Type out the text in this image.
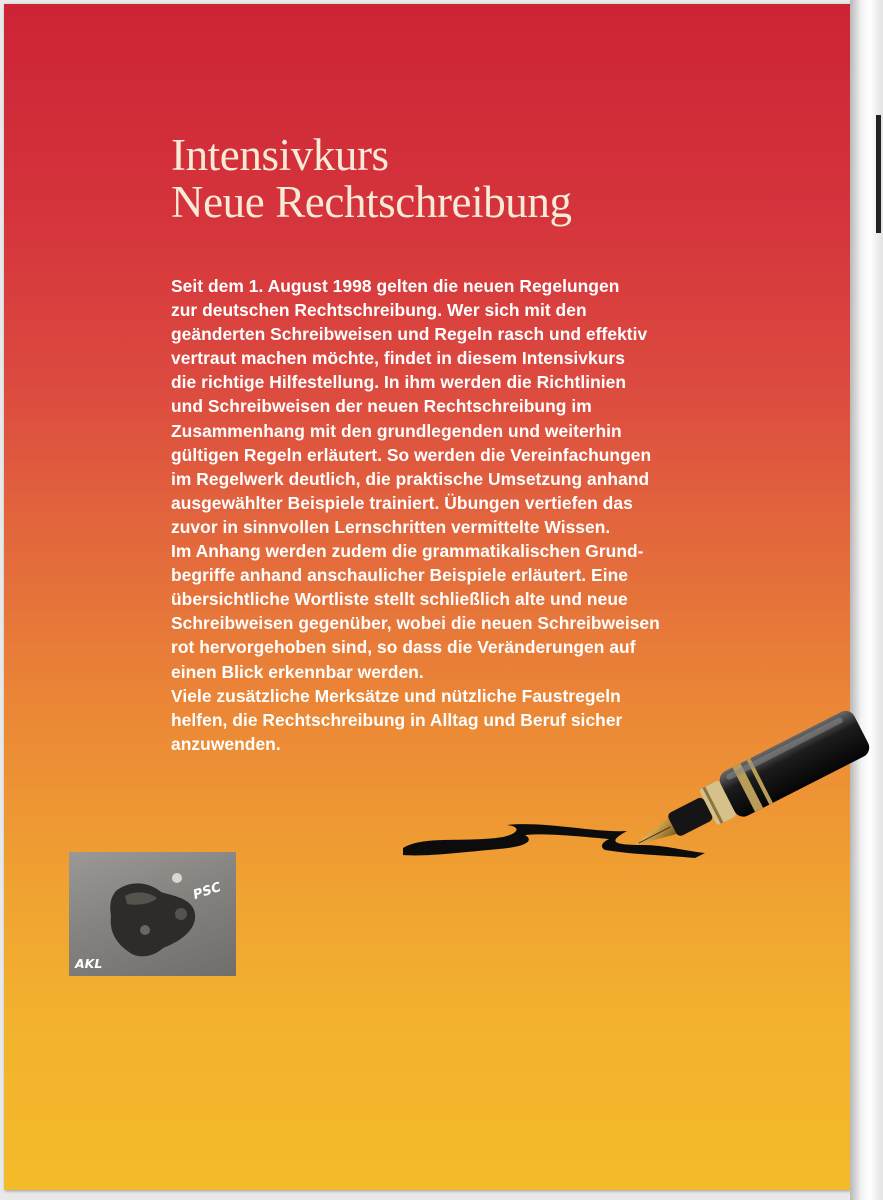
Intensivkurs
Neue Rechtschreibung

Seit dem 1. August 1998 gelten die neuen Regelungen
zur deutschen Rechtschreibung. Wer sich mit den
geänderten Schreibweisen und Regeln rasch und effektiv
vertraut machen möchte, findet in diesem Intensivkurs
die richtige Hilfestellung. In ihm werden die Richtlinien
und Schreibweisen der neuen Rechtschreibung im
Zusammenhang mit den grundlegenden und weiterhin
gültigen Regeln erläutert. So werden die Vereinfachungen
im Regelwerk deutlich, die praktische Umsetzung anhand
ausgewählter Beispiele trainiert. Übungen vertiefen das
zuvor in sinnvollen Lernschritten vermittelte Wissen.
Im Anhang werden zudem die grammatikalischen Grund-
begriffe anhand anschaulicher Beispiele erläutert. Eine
übersichtliche Wortliste stellt schließlich alte und neue
Schreibweisen gegenüber, wobei die neuen Schreibweisen
rot hervorgehoben sind, so dass die Veränderungen auf
einen Blick erkennbar werden.
Viele zusätzliche Merksätze und nützliche Faustregeln
helfen, die Rechtschreibung in Alltag und Beruf sicher
anzuwenden.

PSC
AKL
